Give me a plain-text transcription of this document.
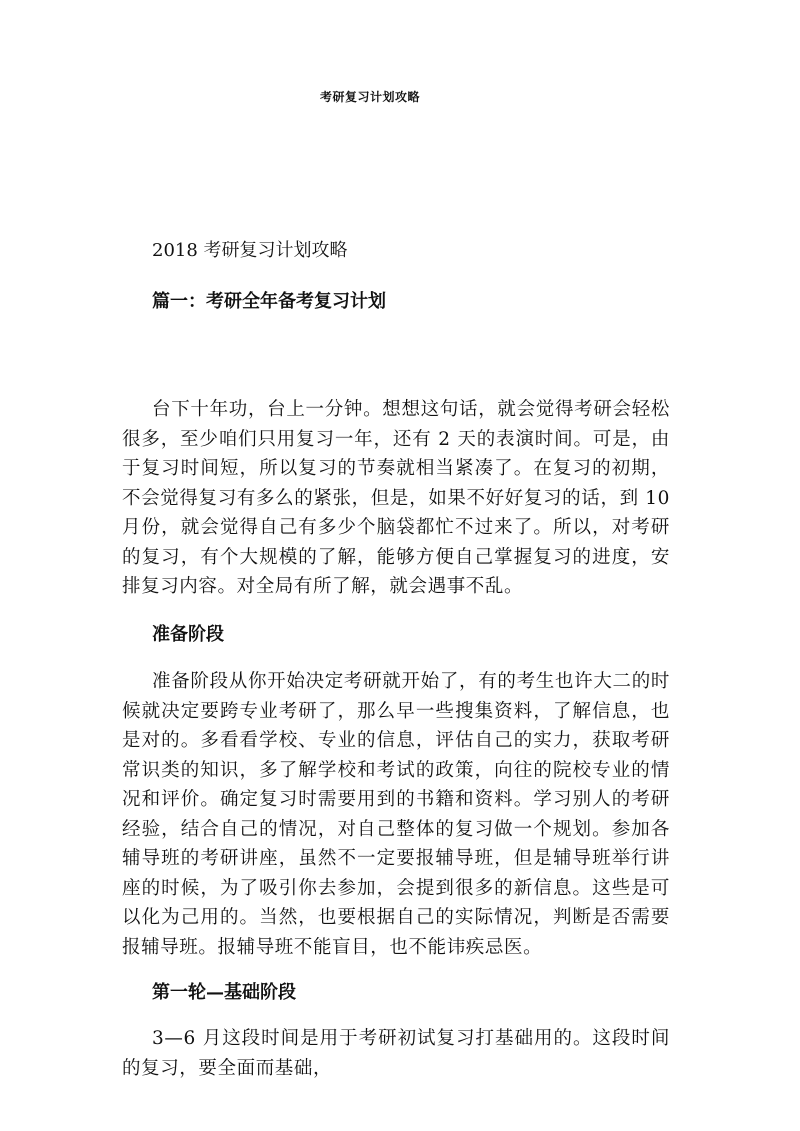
考研复习计划攻略
2018 考研复习计划攻略
篇一：考研全年备考复习计划

台下十年功，台上一分钟。想想这句话，就会觉得考研会轻松很多，至少咱们只用复习一年，还有 2 天的表演时间。可是，由于复习时间短，所以复习的节奏就相当紧凑了。在复习的初期，不会觉得复习有多么的紧张，但是，如果不好好复习的话，到 10 月份，就会觉得自己有多少个脑袋都忙不过来了。所以，对考研的复习，有个大规模的了解，能够方便自己掌握复习的进度，安排复习内容。对全局有所了解，就会遇事不乱。

准备阶段

准备阶段从你开始决定考研就开始了，有的考生也许大二的时候就决定要跨专业考研了，那么早一些搜集资料，了解信息，也是对的。多看看学校、专业的信息，评估自己的实力，获取考研常识类的知识，多了解学校和考试的政策，向往的院校专业的情况和评价。确定复习时需要用到的书籍和资料。学习别人的考研经验，结合自己的情况，对自己整体的复习做一个规划。参加各辅导班的考研讲座，虽然不一定要报辅导班，但是辅导班举行讲座的时候，为了吸引你去参加，会提到很多的新信息。这些是可以化为己用的。当然，也要根据自己的实际情况，判断是否需要报辅导班。报辅导班不能盲目，也不能讳疾忌医。

第一轮—基础阶段

3—6 月这段时间是用于考研初试复习打基础用的。这段时间的复习，要全面而基础，
